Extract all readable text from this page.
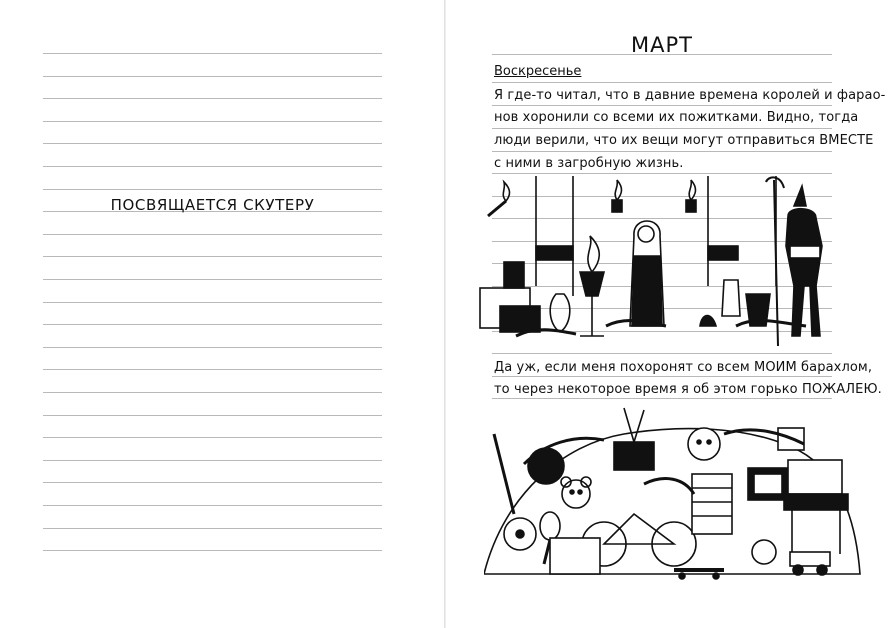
ПОСВЯЩАЕТСЯ СКУТЕРУ
МАРТ
Воскресенье
Я где-то читал, что в давние времена королей и фарао-
нов хоронили со всеми их пожитками. Видно, тогда
люди верили, что их вещи могут отправиться ВМЕСТЕ
с ними в загробную жизнь.
Да уж, если меня похоронят со всем МОИМ барахлом,
то через некоторое время я об этом горько ПОЖАЛЕЮ.
